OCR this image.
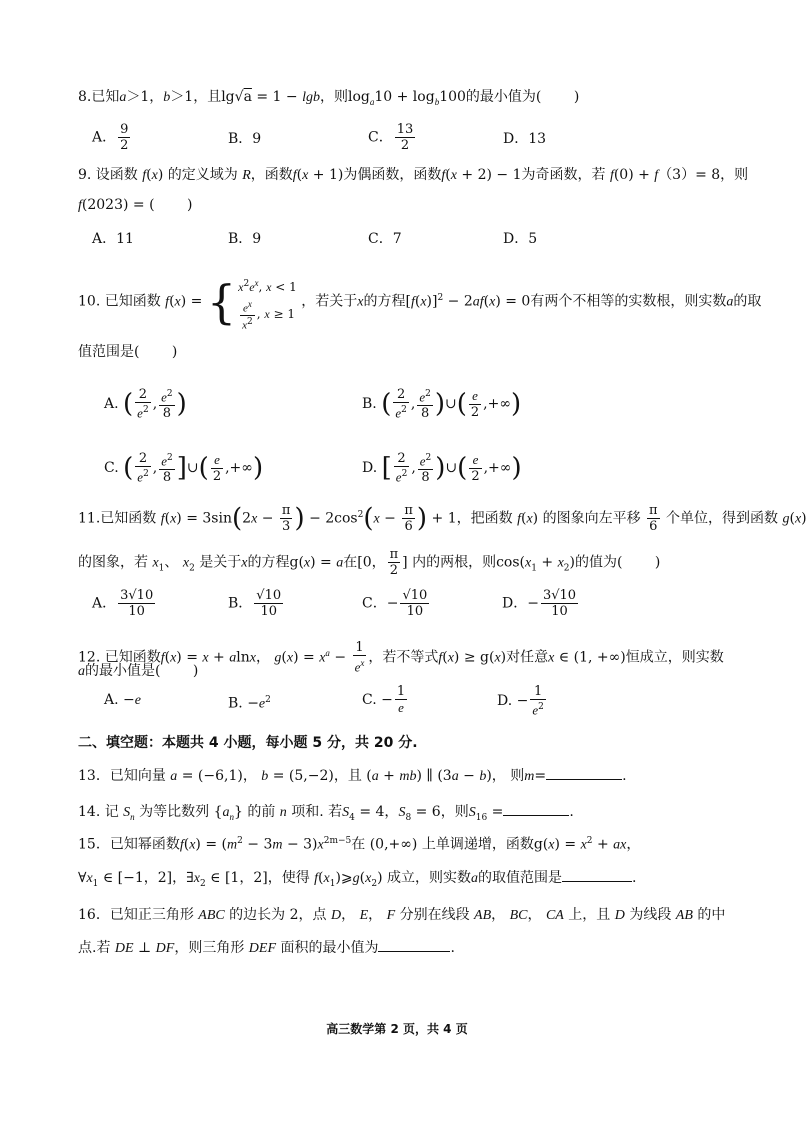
8.已知a＞1，b＞1，且lg√a = 1 − lgb，则$\log_a10 + \log_b100$的最小值为(　　 )
A． $\frac{9}{2}$	B．9	C． $\frac{13}{2}$	D．13
9. 设函数 f(x) 的定义域为 R，函数f(x + 1)为偶函数，函数f(x + 2) − 1为奇函数，若 f(0) + f（3）= 8，则
f(2023) = (　　 )
A．11	B．9	C．7	D．5
10. 已知函数 f(x) = { $x^2e^x$, x < 1
$\frac{e^x}{x^2}$ , x ≥ 1
，若关于x的方程$[f(x)]^2 - 2af(x) = 0$有两个不相等的实数根，则实数a的取
值范围是(　　 )
A. ( $\frac{2}{e^2}$ , $\frac{e^2}{8}$ )	B. ( $\frac{2}{e^2}$ , $\frac{e^2}{8}$ )∪( $\frac{e}{2}$ ,+∞)
C. ( $\frac{2}{e^2}$ , $\frac{e^2}{8}$ ]∪( $\frac{e}{2}$ ,+∞)	D. [ $\frac{2}{e^2}$ , $\frac{e^2}{8}$ )∪( $\frac{e}{2}$ ,+∞)
11.已知函数 $f(x) = 3\sin(2x - \frac{\pi}{3}$ ) − $2\cos^2(x - \frac{\pi}{6}$ ) + 1，把函数 f(x) 的图象向左平移 $\frac{\pi}{6}$ 个单位，得到函数 g(x)
的图象，若 $x_1$、 $x_2$ 是关于x的方程g(x) = a在[0， $\frac{\pi}{2}$ ] 内的两根，则$\cos(x_1 + x_2)$的值为(　　 )
A． $\frac{3√10}{10}$	B． $\frac{√10}{10}$	C．− $\frac{√10}{10}$	D．− $\frac{3√10}{10}$
12. 已知函数f(x) = x + alnx， $g(x) = x^a - \frac{1}{e^x}$ ，若不等式f(x) ≥ g(x)对任意x ∈ (1, +∞)恒成立，则实数
a的最小值是(　　 )
A. −e	B. $-e^2$	C. − $\frac{1}{e}$	D. − $\frac{1}{e^2}$
二、填空题：本题共 4 小题，每小题 5 分，共 20 分.
13．已知向量 a = (−6,1)， b = (5,−2)，且 (a + mb) ∥ (3a − b)， 则m=	.
14. 记 $S_n$ 为等比数列 $\{a_n\}$ 的前 n 项和. 若$S_4 = 4$，$S_8 = 6$，则$S_{16}$ =	.
15．已知幂函数$f(x) = (m^2 - 3m - 3)x^{2m-5}$在 (0,+∞) 上单调递增，函数$g(x) = x^2$ + ax，
$\forall x_1$ ∈ [−1，2]，$\exists x_2$ ∈ [1，2]，使得 $f(x_1)⩾g(x_2)$ 成立，则实数a的取值范围是	.
16．已知正三角形 ABC 的边长为 2，点 D， E， F 分别在线段 AB， BC， CA 上，且 D 为线段 AB 的中
点.若 DE ⊥ DF，则三角形 DEF 面积的最小值为	.
高三数学第 2 页，共 4 页
